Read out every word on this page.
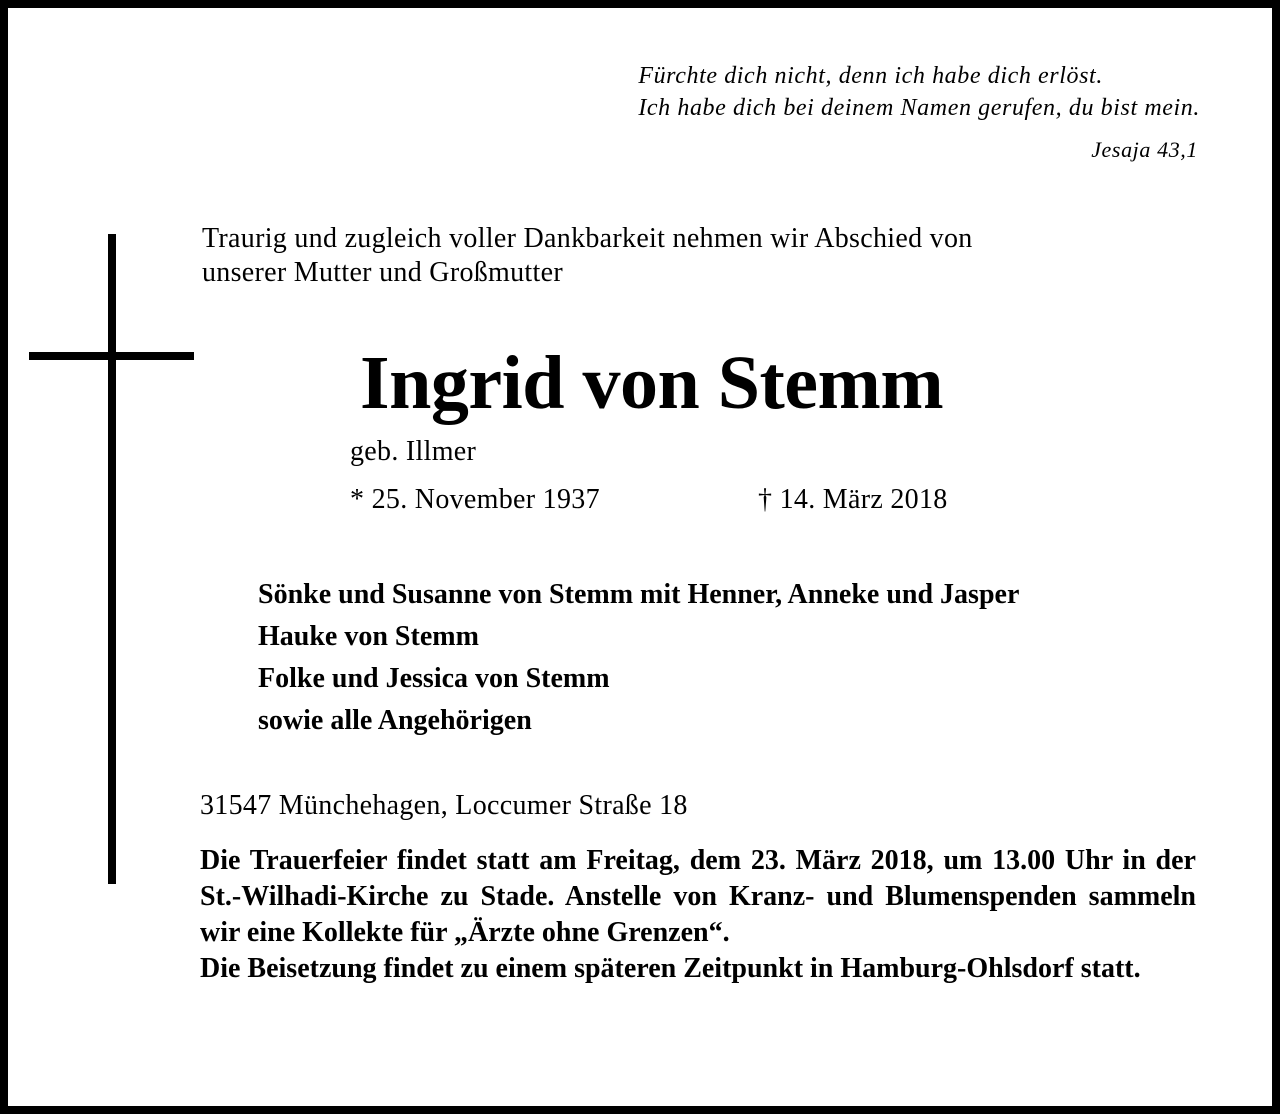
Fürchte dich nicht, denn ich habe dich erlöst.
Ich habe dich bei deinem Namen gerufen, du bist mein.
Jesaja 43,1
Traurig und zugleich voller Dankbarkeit nehmen wir Abschied von
unserer Mutter und Großmutter
Ingrid von Stemm
geb. Illmer
* 25. November 1937	† 14. März 2018
Sönke und Susanne von Stemm mit Henner, Anneke und Jasper
Hauke von Stemm
Folke und Jessica von Stemm
sowie alle Angehörigen
31547 Münchehagen, Loccumer Straße 18

Die Trauerfeier findet statt am Freitag, dem 23. März 2018, um 13.00 Uhr in der St.-Wilhadi-Kirche zu Stade. Anstelle von Kranz- und Blumenspenden sammeln wir eine Kollekte für „Ärzte ohne Grenzen“.

Die Beisetzung findet zu einem späteren Zeitpunkt in Hamburg-Ohlsdorf statt.
